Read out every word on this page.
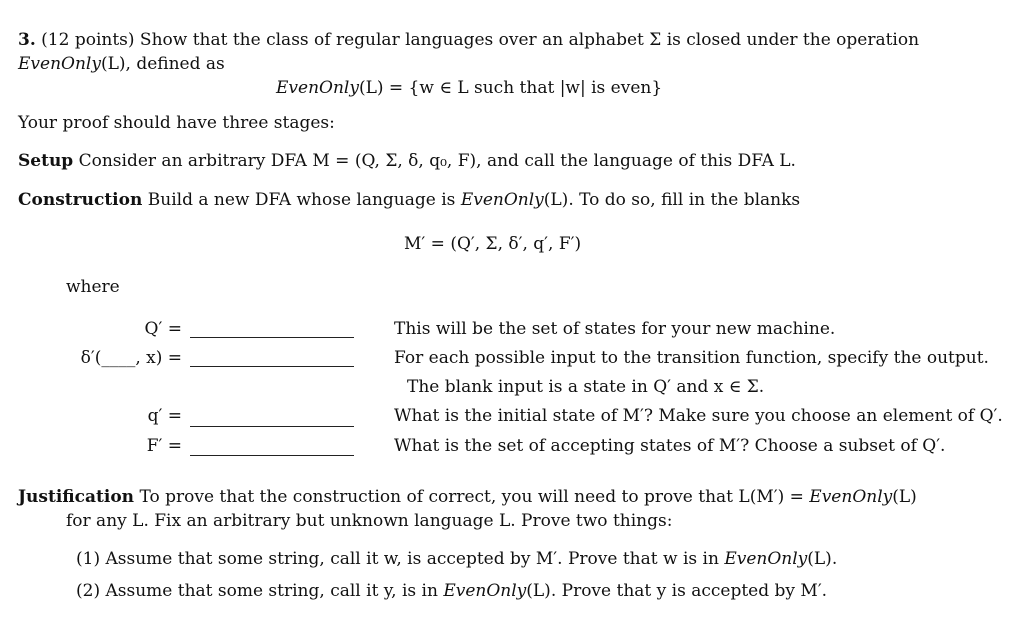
3. (12 points) Show that the class of regular languages over an alphabet Σ is closed under the operation
EvenOnly(L), defined as
EvenOnly(L) = {w ∈ L such that |w| is even}
Your proof should have three stages:
Setup Consider an arbitrary DFA M = (Q, Σ, δ, q₀, F), and call the language of this DFA L.
Construction Build a new DFA whose language is EvenOnly(L). To do so, fill in the blanks
M′ = (Q′, Σ, δ′, q′, F′)
where
Q′ =	This will be the set of states for your new machine.
δ′(____, x) =	For each possible input to the transition function, specify the output.
The blank input is a state in Q′ and x ∈ Σ.
q′ =	What is the initial state of M′? Make sure you choose an element of Q′.
F′ =	What is the set of accepting states of M′? Choose a subset of Q′.
Justification To prove that the construction of correct, you will need to prove that L(M′) = EvenOnly(L)
for any L. Fix an arbitrary but unknown language L. Prove two things:
(1) Assume that some string, call it w, is accepted by M′. Prove that w is in EvenOnly(L).
(2) Assume that some string, call it y, is in EvenOnly(L). Prove that y is accepted by M′.
